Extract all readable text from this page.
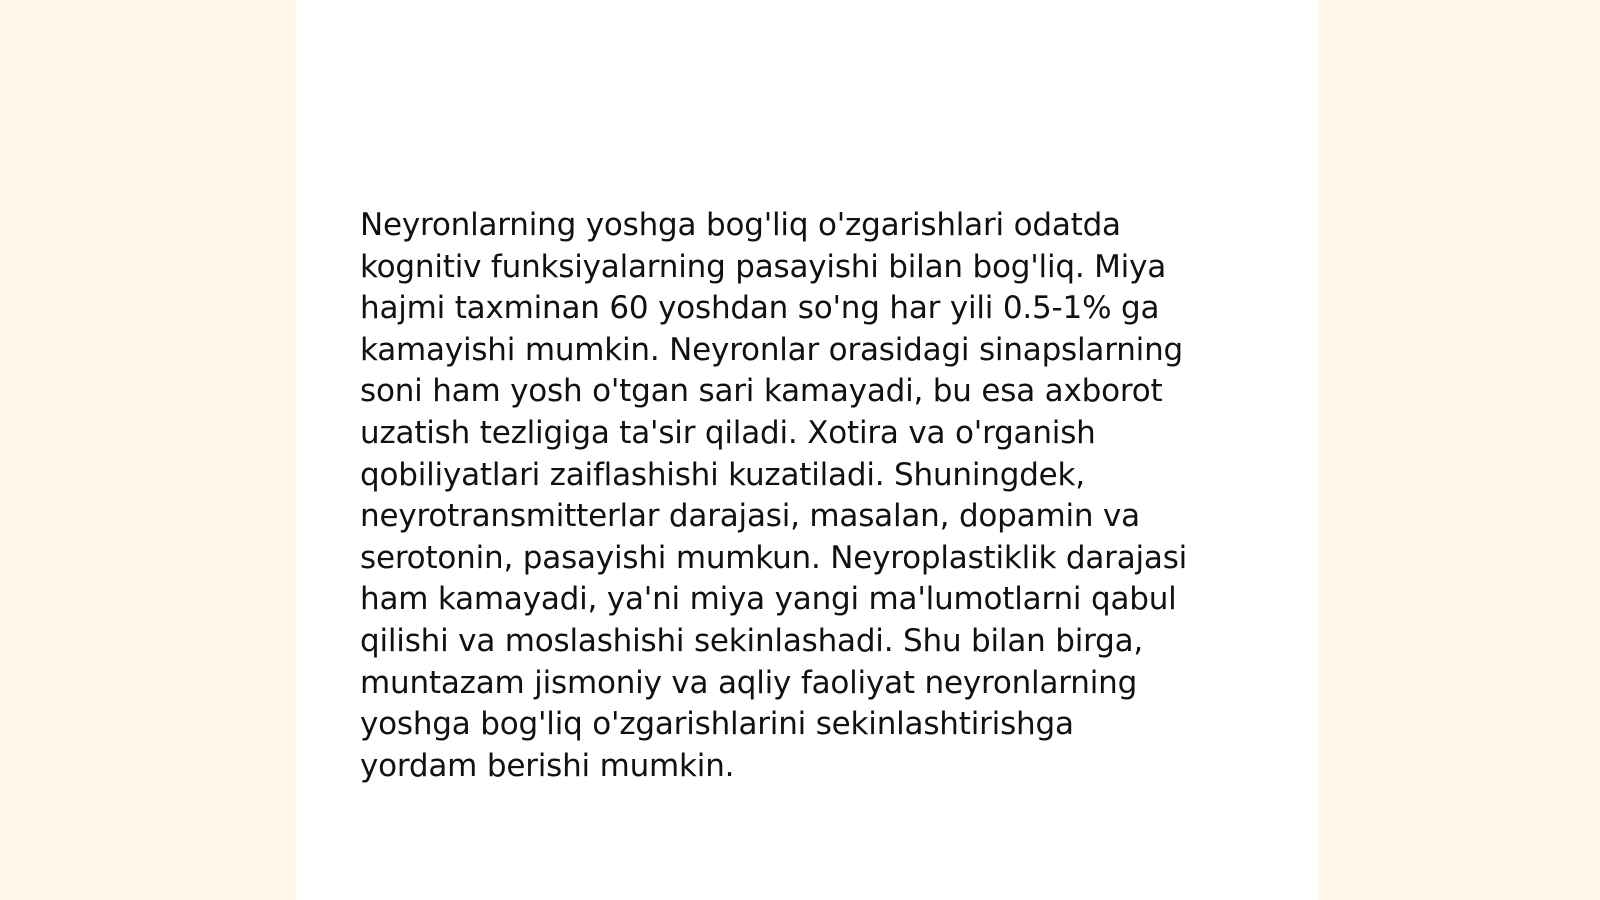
Neyronlarning yoshga bog'liq o'zgarishlari odatda
kognitiv funksiyalarning pasayishi bilan bog'liq. Miya
hajmi taxminan 60 yoshdan so'ng har yili 0.5-1% ga
kamayishi mumkin. Neyronlar orasidagi sinapslarning
soni ham yosh o'tgan sari kamayadi, bu esa axborot
uzatish tezligiga ta'sir qiladi. Xotira va o'rganish
qobiliyatlari zaiflashishi kuzatiladi. Shuningdek,
neyrotransmitterlar darajasi, masalan, dopamin va
serotonin, pasayishi mumkun. Neyroplastiklik darajasi
ham kamayadi, ya'ni miya yangi ma'lumotlarni qabul
qilishi va moslashishi sekinlashadi. Shu bilan birga,
muntazam jismoniy va aqliy faoliyat neyronlarning
yoshga bog'liq o'zgarishlarini sekinlashtirishga
yordam berishi mumkin.
